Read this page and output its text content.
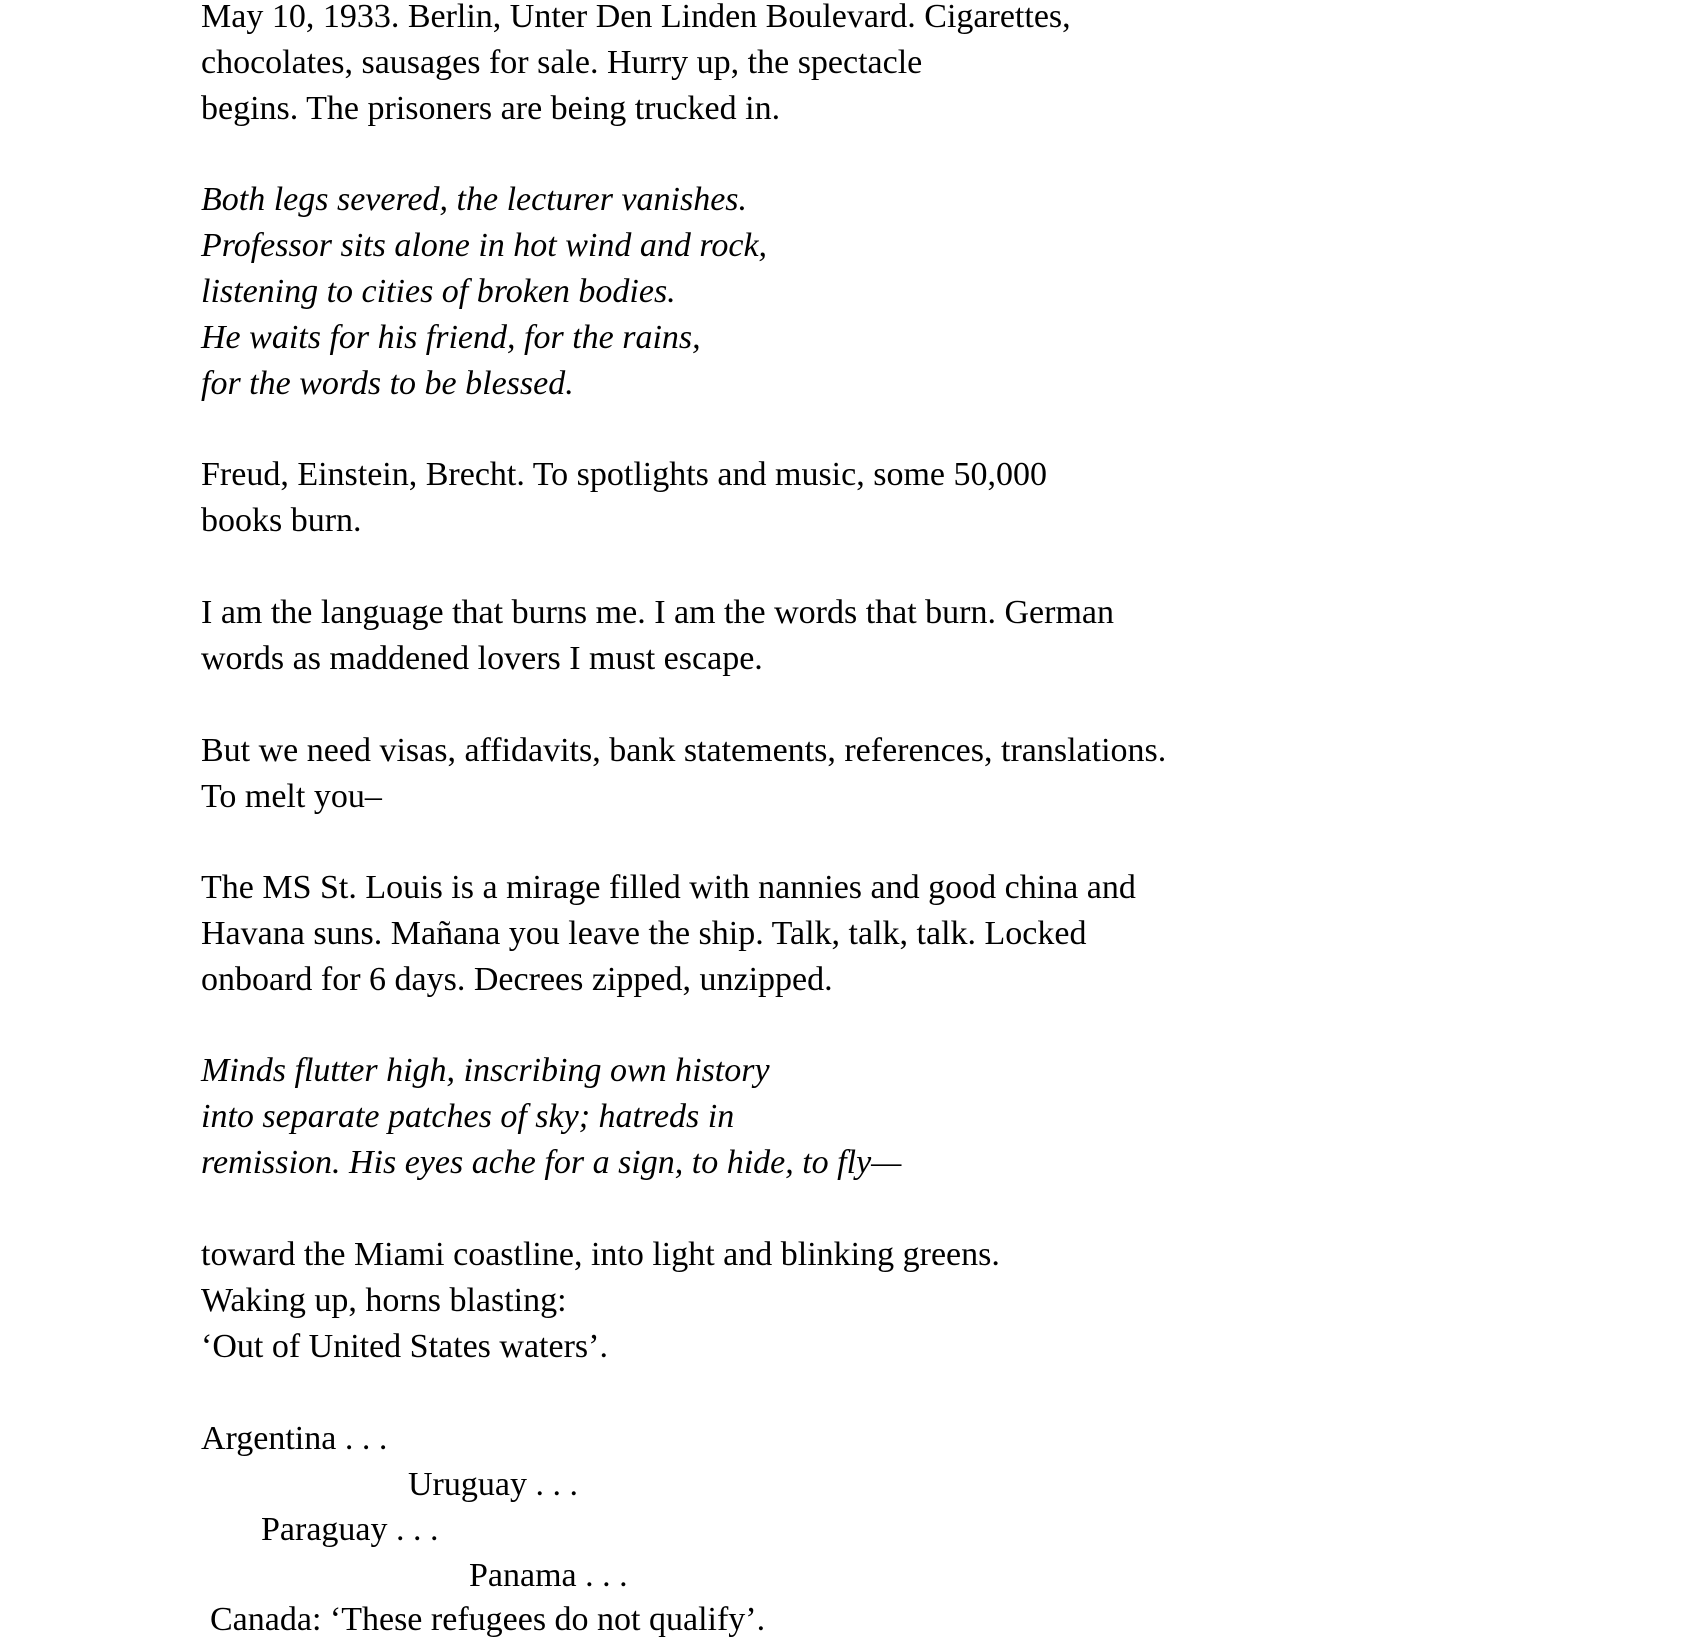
May 10, 1933. Berlin, Unter Den Linden Boulevard. Cigarettes,
chocolates, sausages for sale. Hurry up, the spectacle
begins. The prisoners are being trucked in.
Both legs severed, the lecturer vanishes.
Professor sits alone in hot wind and rock,
listening to cities of broken bodies.
He waits for his friend, for the rains,
for the words to be blessed.
Freud, Einstein, Brecht. To spotlights and music, some 50,000
books burn.
I am the language that burns me. I am the words that burn. German
words as maddened lovers I must escape.
But we need visas, affidavits, bank statements, references, translations.
To melt you–
The MS St. Louis is a mirage filled with nannies and good china and
Havana suns. Mañana you leave the ship. Talk, talk, talk. Locked
onboard for 6 days. Decrees zipped, unzipped.
Minds flutter high, inscribing own history
into separate patches of sky; hatreds in
remission. His eyes ache for a sign, to hide, to fly—
toward the Miami coastline, into light and blinking greens.
Waking up, horns blasting:
‘Out of United States waters’.
Argentina . . .
Uruguay . . .
Paraguay . . .
Panama . . .
Canada: ‘These refugees do not qualify’.
